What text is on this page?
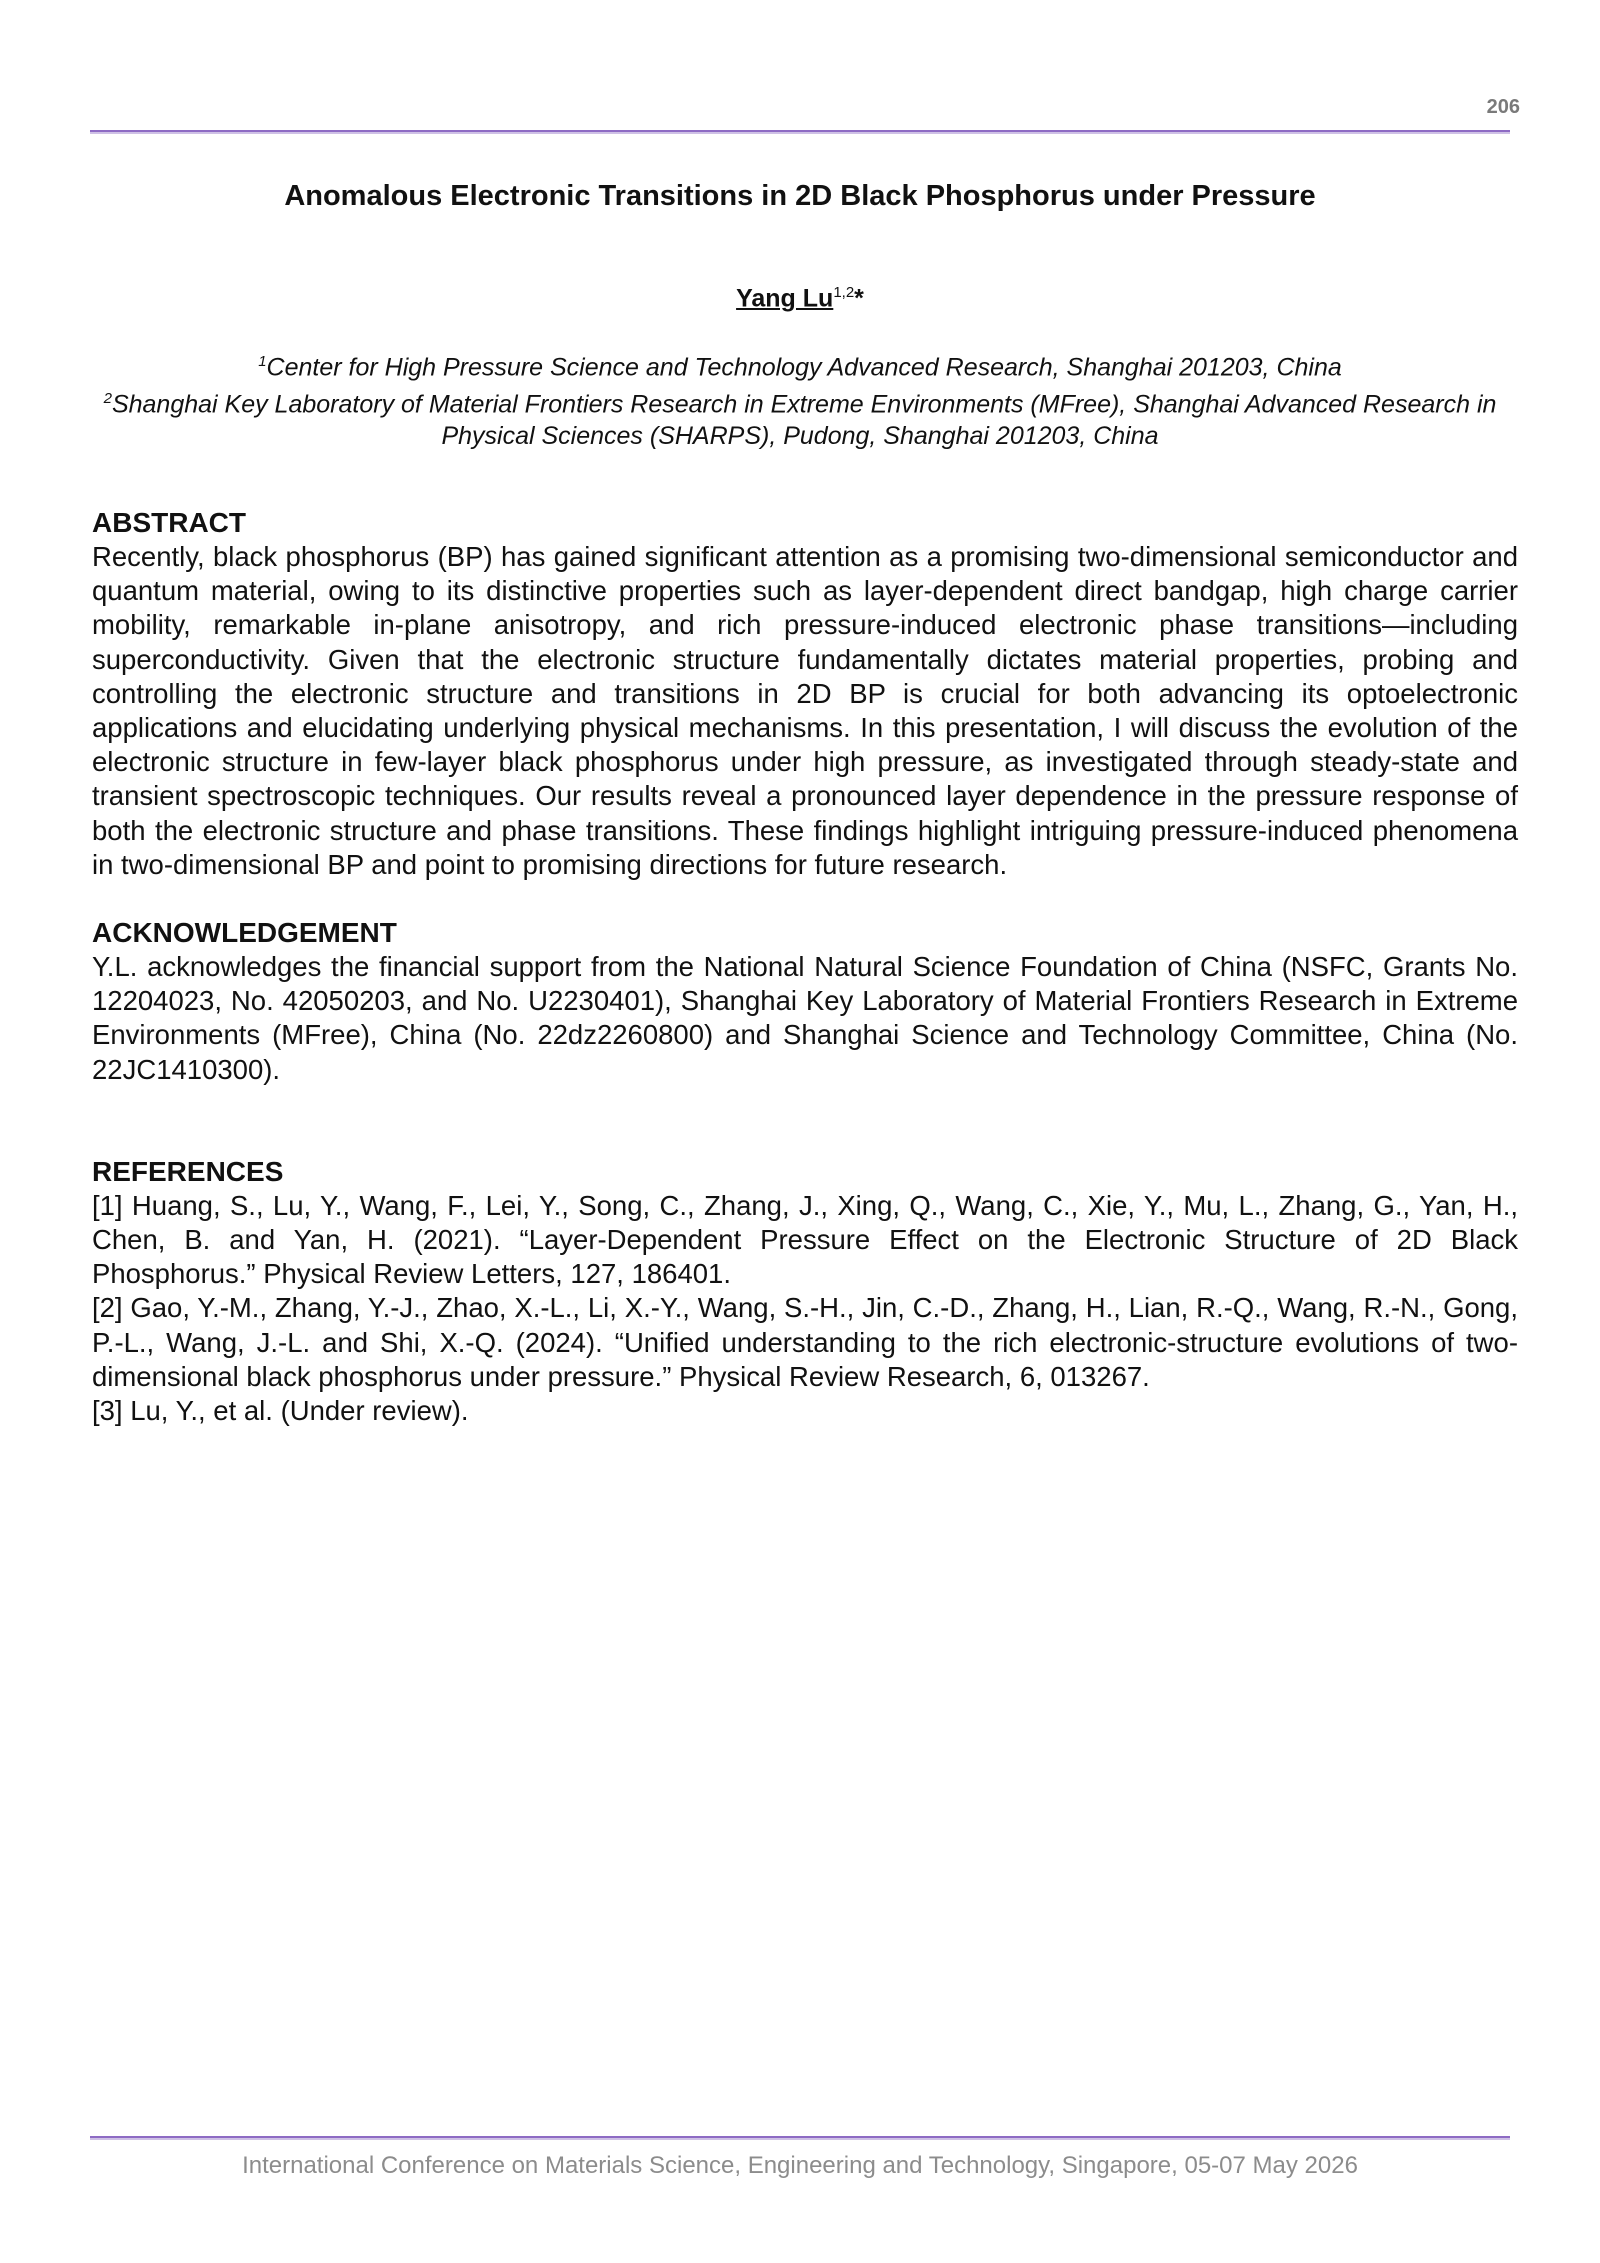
206
Anomalous Electronic Transitions in 2D Black Phosphorus under Pressure
Yang Lu$^{1,2}$*
$^1$Center for High Pressure Science and Technology Advanced Research, Shanghai 201203, China
$^2$Shanghai Key Laboratory of Material Frontiers Research in Extreme Environments (MFree), Shanghai Advanced Research in Physical Sciences (SHARPS), Pudong, Shanghai 201203, China
ABSTRACT

Recently, black phosphorus (BP) has gained significant attention as a promising two-dimensional semiconductor and quantum material, owing to its distinctive properties such as layer-dependent direct bandgap, high charge carrier mobility, remarkable in-plane anisotropy, and rich pressure-induced electronic phase transitions—including superconductivity. Given that the electronic structure fundamentally dictates material properties, probing and controlling the electronic structure and transitions in 2D BP is crucial for both advancing its optoelectronic applications and elucidating underlying physical mechanisms. In this presentation, I will discuss the evolution of the electronic structure in few-layer black phosphorus under high pressure, as investigated through steady-state and transient spectroscopic techniques. Our results reveal a pronounced layer dependence in the pressure response of both the electronic structure and phase transitions. These findings highlight intriguing pressure-induced phenomena in two-dimensional BP and point to promising directions for future research.

ACKNOWLEDGEMENT

Y.L. acknowledges the financial support from the National Natural Science Foundation of China (NSFC, Grants No. 12204023, No. 42050203, and No. U2230401), Shanghai Key Laboratory of Material Frontiers Research in Extreme Environments (MFree), China (No. 22dz2260800) and Shanghai Science and Technology Committee, China (No. 22JC1410300).

REFERENCES

[1] Huang, S., Lu, Y., Wang, F., Lei, Y., Song, C., Zhang, J., Xing, Q., Wang, C., Xie, Y., Mu, L., Zhang, G., Yan, H., Chen, B. and Yan, H. (2021). “Layer-Dependent Pressure Effect on the Electronic Structure of 2D Black Phosphorus.” Physical Review Letters, 127, 186401.

[2] Gao, Y.-M., Zhang, Y.-J., Zhao, X.-L., Li, X.-Y., Wang, S.-H., Jin, C.-D., Zhang, H., Lian, R.-Q., Wang, R.-N., Gong, P.-L., Wang, J.-L. and Shi, X.-Q. (2024). “Unified understanding to the rich electronic-structure evolutions of two-dimensional black phosphorus under pressure.” Physical Review Research, 6, 013267.

[3] Lu, Y., et al. (Under review).

International Conference on Materials Science, Engineering and Technology, Singapore, 05-07 May 2026
